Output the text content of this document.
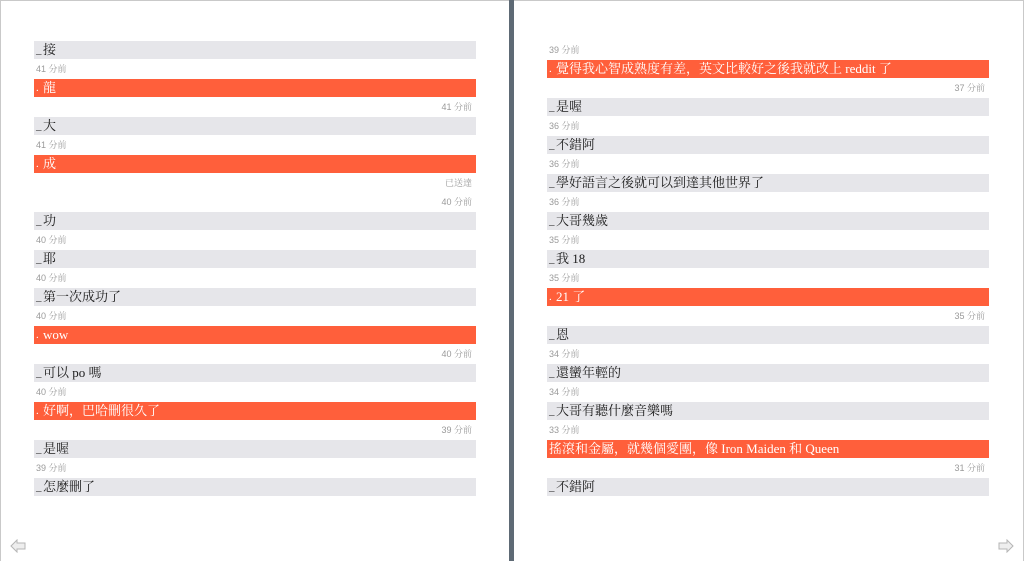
_ 接
41 分前
. 龍
41 分前
_ 大
41 分前
. 成
已送達
40 分前
_ 功
40 分前
_ 耶
40 分前
_ 第一次成功了
40 分前
. wow
40 分前
_ 可以 po 嗎
40 分前
. 好啊，巴哈刪很久了
39 分前
_ 是喔
39 分前
_ 怎麼刪了
39 分前
. 覺得我心智成熟度有差，英文比較好之後我就改上 reddit 了
37 分前
_ 是喔
36 分前
_ 不錯阿
36 分前
_ 學好語言之後就可以到達其他世界了
36 分前
_ 大哥幾歲
35 分前
_ 我 18
35 分前
. 21 了
35 分前
_ 恩
34 分前
_ 還蠻年輕的
34 分前
_ 大哥有聽什麼音樂嗎
33 分前
搖滾和金屬，就幾個愛團，像 Iron Maiden 和 Queen
31 分前
_ 不錯阿
